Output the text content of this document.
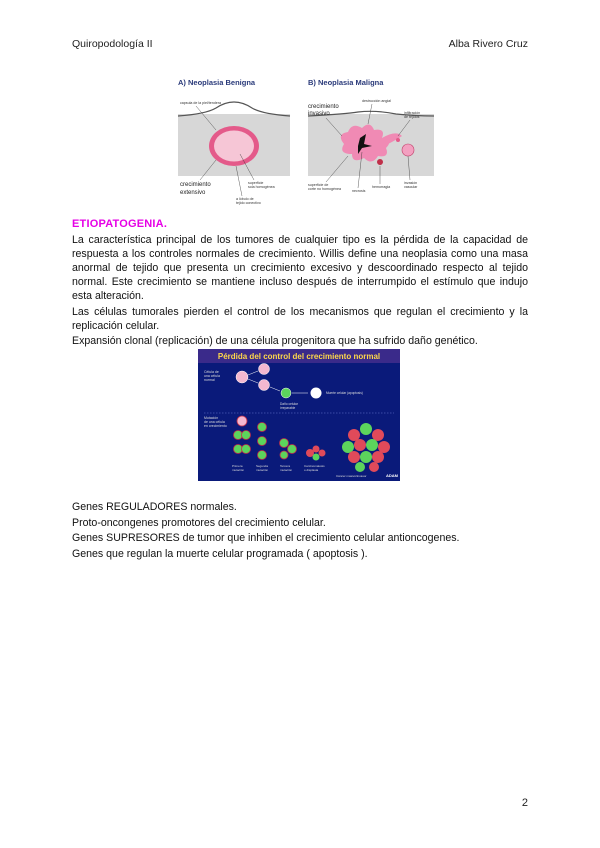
Quiropodología II	Alba Rivero Cruz
A) Neoplasia Benigna
capsula de la piel/tendera
crecimiento
extensivo
superficie
sola homogénea
a lóbulo de
tejido conectivo
B) Neoplasia Maligna
crecimiento
invasivo
destrucción angial
infiltración
de tejidos
superficie de
corte no homogénea	necrosis
hemorragia
invasión
vascular
ETIOPATOGENIA.
La característica principal de los tumores de cualquier tipo es la pérdida de la capacidad de respuesta a los controles normales de crecimiento. Willis define una neoplasia como una masa anormal de tejido que presenta un crecimiento excesivo y descoordinado respecto al tejido normal. Este crecimiento se mantiene incluso después de interrumpido el estímulo que indujo esta alteración.
Las células tumorales pierden el control de los mecanismos que regulan el crecimiento y la replicación celular.
Expansión clonal (replicación) de una célula progenitora que ha sufrido daño genético.
Pérdida del control del crecimiento normal
Célula de
una célula
normal
Daño celular
irreparable
Muerte celular (apoptosis)
Mutación
de una célula
en crecimiento
Primera
mutación
Segunda
mutación
Tercera
mutación
Carcinomatosis
o displasia
Cáncer masivo/invasor	ADAM
Genes REGULADORES normales.
Proto-oncongenes promotores del crecimiento celular.
Genes SUPRESORES de tumor que inhiben el crecimiento celular antioncogenes.
Genes que regulan la muerte celular programada ( apoptosis ).
2
